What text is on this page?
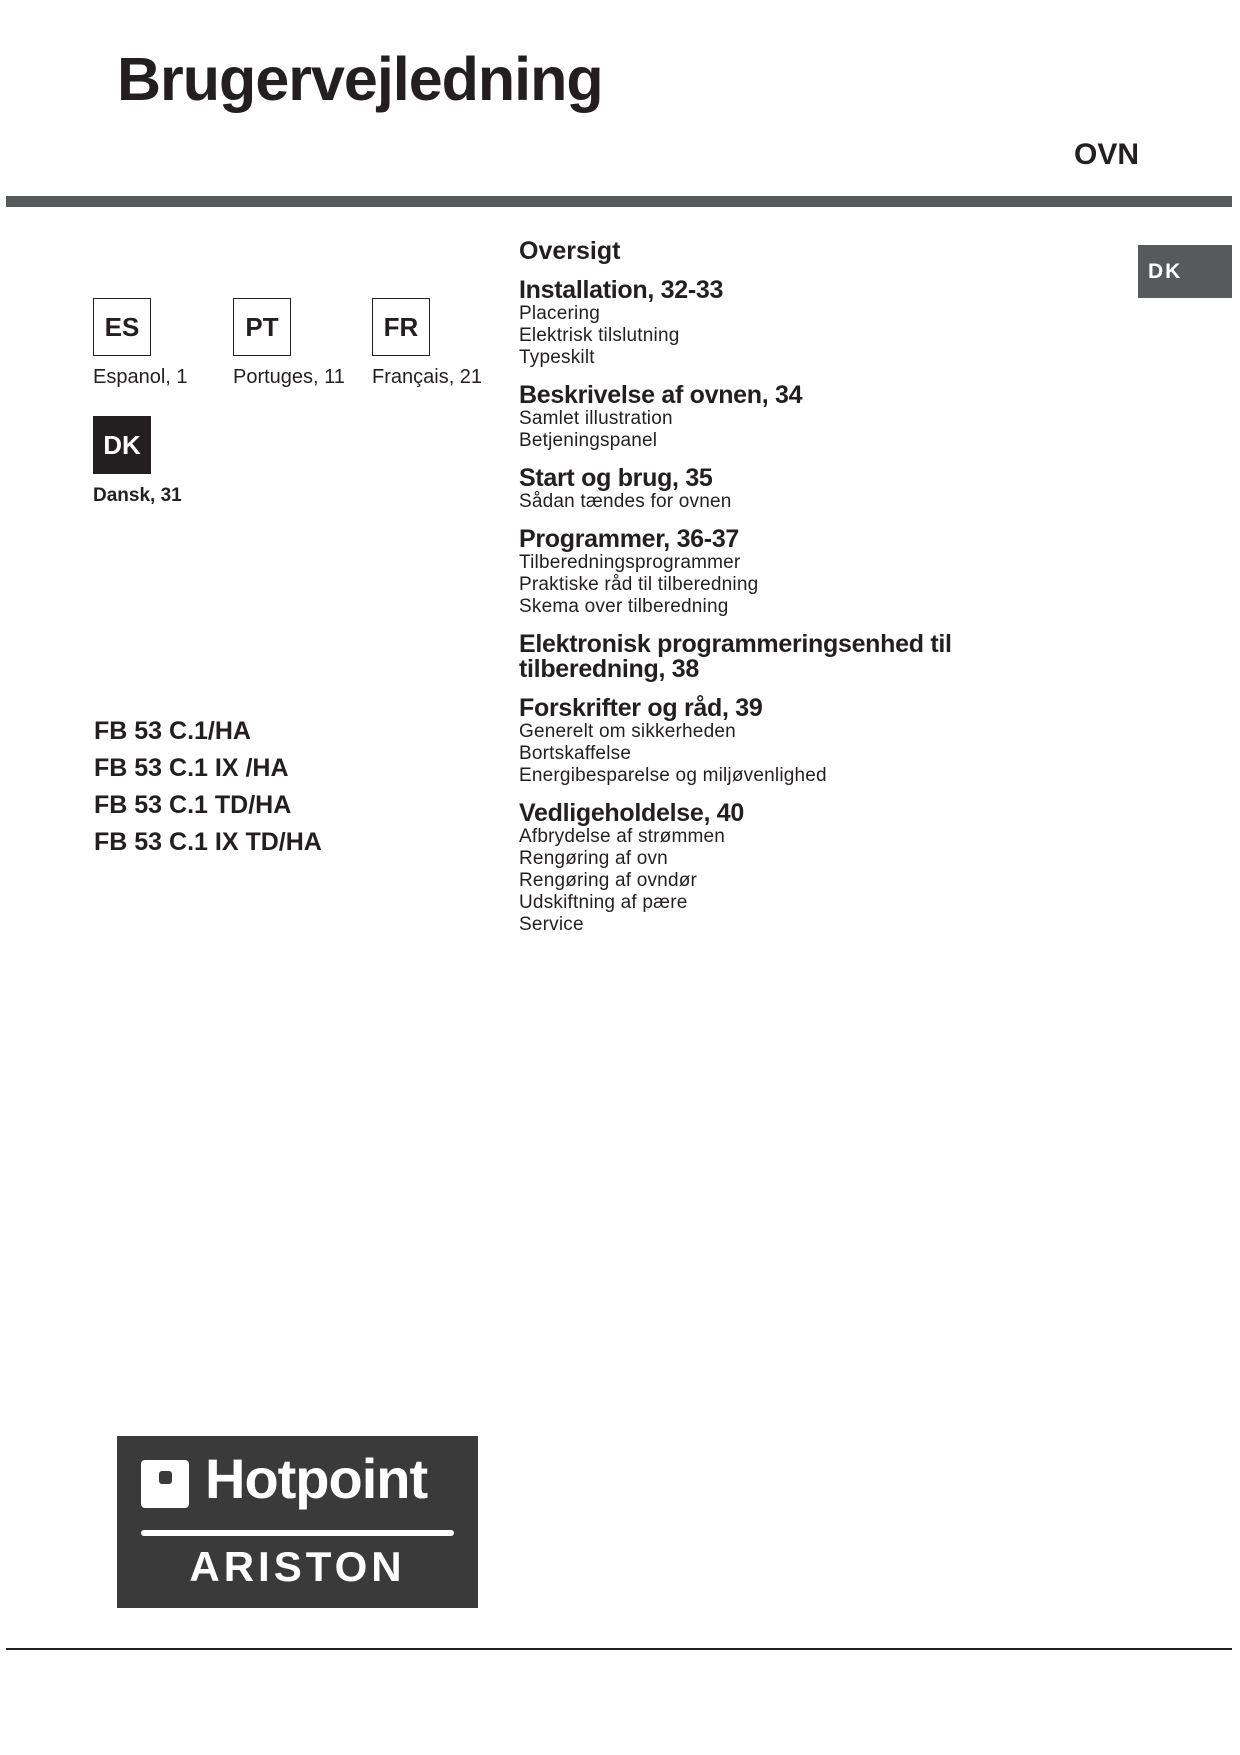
Brugervejledning
OVN
DK
ES
Espanol, 1
PT
Portuges, 11
FR
Français, 21
DK
Dansk, 31
FB 53 C.1/HA
FB 53 C.1 IX /HA
FB 53 C.1 TD/HA
FB 53 C.1 IX TD/HA
Oversigt
Installation, 32-33
Placering
Elektrisk tilslutning
Typeskilt
Beskrivelse af ovnen, 34
Samlet illustration
Betjeningspanel
Start og brug, 35
Sådan tændes for ovnen
Programmer, 36-37
Tilberedningsprogrammer
Praktiske råd til tilberedning
Skema over tilberedning
Elektronisk programmeringsenhed til tilberedning, 38
Forskrifter og råd, 39
Generelt om sikkerheden
Bortskaffelse
Energibesparelse og miljøvenlighed
Vedligeholdelse, 40
Afbrydelse af strømmen
Rengøring af ovn
Rengøring af ovndør
Udskiftning af pære
Service
Hotpoint
ARISTON
